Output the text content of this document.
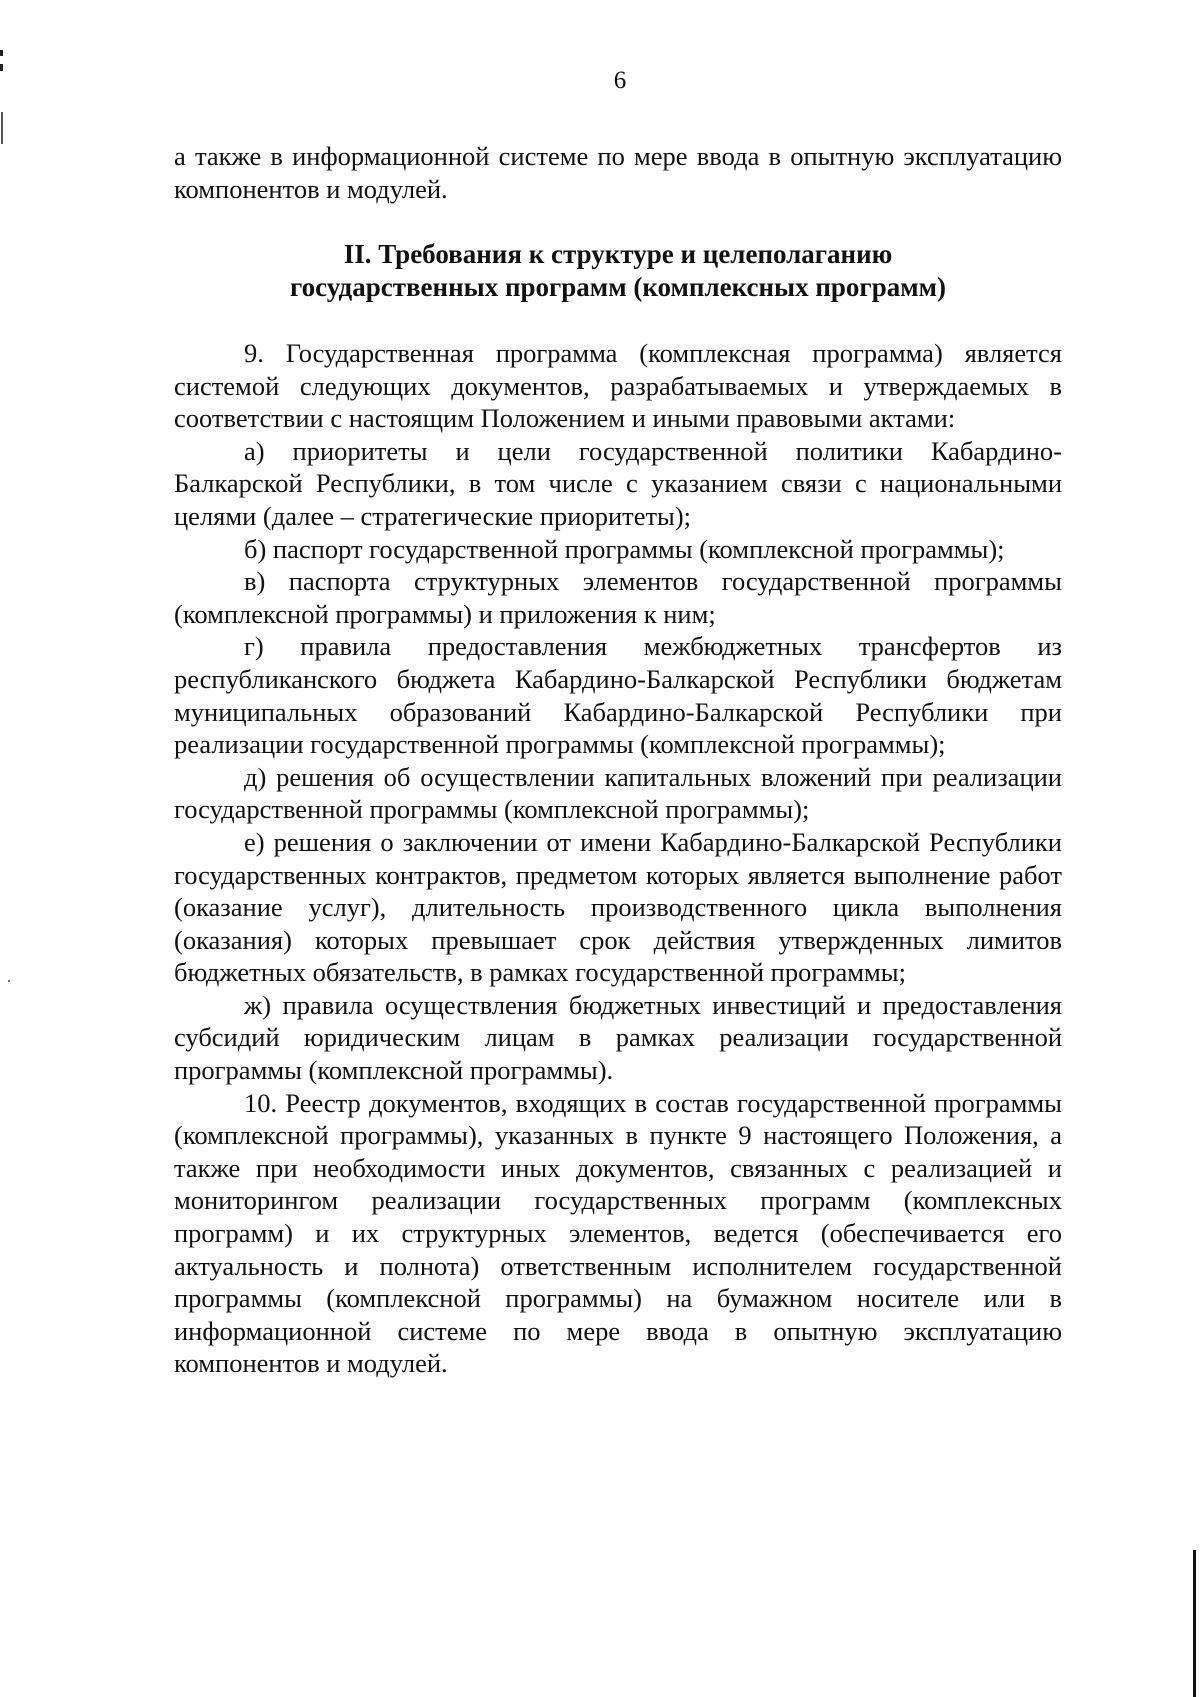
6

а также в информационной системе по мере ввода в опытную эксплуатацию компонентов и модулей.

II. Требования к структуре и целеполаганию
государственных программ (комплексных программ)

9. Государственная программа (комплексная программа) является системой следующих документов, разрабатываемых и утверждаемых в соответствии с настоящим Положением и иными правовыми актами:

а) приоритеты и цели государственной политики Кабардино-Балкарской Республики, в том числе с указанием связи с национальными целями (далее – стратегические приоритеты);

б) паспорт государственной программы (комплексной программы);

в) паспорта структурных элементов государственной программы (комплексной программы) и приложения к ним;

г) правила предоставления межбюджетных трансфертов из республиканского бюджета Кабардино-Балкарской Республики бюджетам муниципальных образований Кабардино-Балкарской Республики при реализации государственной программы (комплексной программы);

д) решения об осуществлении капитальных вложений при реализации государственной программы (комплексной программы);

е) решения о заключении от имени Кабардино-Балкарской Республики государственных контрактов, предметом которых является выполнение работ (оказание услуг), длительность производственного цикла выполнения (оказания) которых превышает срок действия утвержденных лимитов бюджетных обязательств, в рамках государственной программы;

ж) правила осуществления бюджетных инвестиций и предоставления субсидий юридическим лицам в рамках реализации государственной программы (комплексной программы).

10. Реестр документов, входящих в состав государственной программы (комплексной программы), указанных в пункте 9 настоящего Положения, а также при необходимости иных документов, связанных с реализацией и мониторингом реализации государственных программ (комплексных программ) и их структурных элементов, ведется (обеспечивается его актуальность и полнота) ответственным исполнителем государственной программы (комплексной программы) на бумажном носителе или в информационной системе по мере ввода в опытную эксплуатацию компонентов и модулей.
